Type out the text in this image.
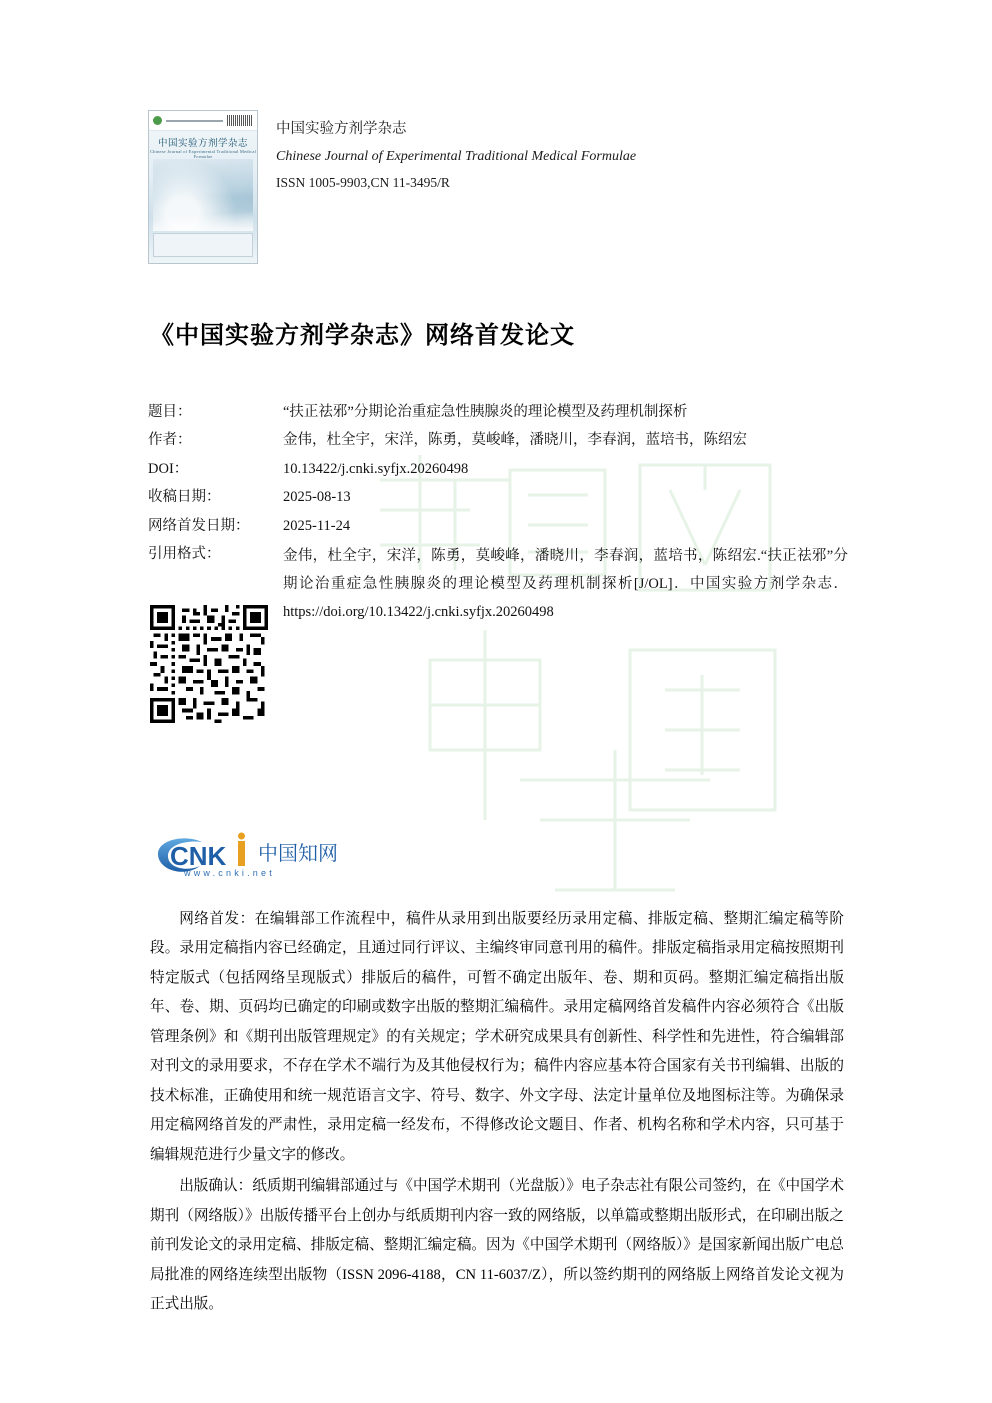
中国实验方剂学杂志
Chinese Journal of Experimental Traditional Medical Formulae
中国实验方剂学杂志
Chinese Journal of Experimental Traditional Medical Formulae
ISSN 1005-9903,CN 11-3495/R
《中国实验方剂学杂志》网络首发论文
题目：	“扶正祛邪”分期论治重症急性胰腺炎的理论模型及药理机制探析
作者：	金伟，杜全宇，宋洋，陈勇，莫峻峰，潘晓川，李春润，蓝培书，陈绍宏
DOI：	10.13422/j.cnki.syfjx.20260498
收稿日期：	2025-08-13
网络首发日期：	2025-11-24
引用格式：	金伟，杜全宇，宋洋，陈勇，莫峻峰，潘晓川，李春润，蓝培书，陈绍宏.“扶正祛邪”分期论治重症急性胰腺炎的理论模型及药理机制探析[J/OL]．中国实验方剂学杂志．https://doi.org/10.13422/j.cnki.syfjx.20260498
CNK 中国知网
www.cnki.net

网络首发：在编辑部工作流程中，稿件从录用到出版要经历录用定稿、排版定稿、整期汇编定稿等阶段。录用定稿指内容已经确定，且通过同行评议、主编终审同意刊用的稿件。排版定稿指录用定稿按照期刊特定版式（包括网络呈现版式）排版后的稿件，可暂不确定出版年、卷、期和页码。整期汇编定稿指出版年、卷、期、页码均已确定的印刷或数字出版的整期汇编稿件。录用定稿网络首发稿件内容必须符合《出版管理条例》和《期刊出版管理规定》的有关规定；学术研究成果具有创新性、科学性和先进性，符合编辑部对刊文的录用要求，不存在学术不端行为及其他侵权行为；稿件内容应基本符合国家有关书刊编辑、出版的技术标准，正确使用和统一规范语言文字、符号、数字、外文字母、法定计量单位及地图标注等。为确保录用定稿网络首发的严肃性，录用定稿一经发布，不得修改论文题目、作者、机构名称和学术内容，只可基于编辑规范进行少量文字的修改。

出版确认：纸质期刊编辑部通过与《中国学术期刊（光盘版）》电子杂志社有限公司签约，在《中国学术期刊（网络版）》出版传播平台上创办与纸质期刊内容一致的网络版，以单篇或整期出版形式，在印刷出版之前刊发论文的录用定稿、排版定稿、整期汇编定稿。因为《中国学术期刊（网络版）》是国家新闻出版广电总局批准的网络连续型出版物（ISSN 2096-4188，CN 11-6037/Z），所以签约期刊的网络版上网络首发论文视为正式出版。
